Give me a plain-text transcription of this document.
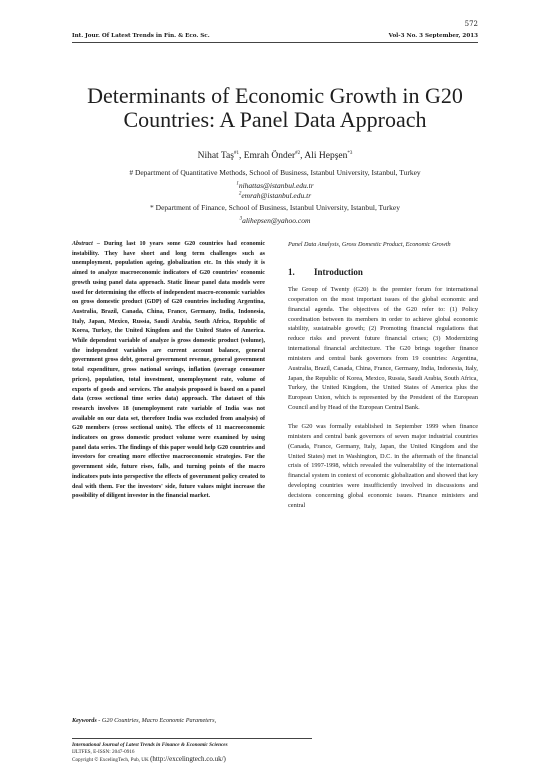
572
Int. Jour. Of Latest Trends in Fin. & Eco. Sc.	Vol-3 No. 3 September, 2013
Determinants of Economic Growth in G20 Countries: A Panel Data Approach
Nihat Taş$^{\#1}$, Emrah Önder$^{\#2}$, Ali Hepşen$^{*3}$
# Department of Quantitative Methods, School of Business, Istanbul University, Istanbul, Turkey
$^1$nihattas@istanbul.edu.tr
$^2$emrah@istanbul.edu.tr
* Department of Finance, School of Business, Istanbul University, Istanbul, Turkey
$^3$alihepsen@yahoo.com
Abstract – During last 10 years some G20 countries had economic instability. They have short and long term challenges such as unemployment, population ageing, globalization etc. In this study it is aimed to analyze macroeconomic indicators of G20 countries' economic growth using panel data approach. Static linear panel data models were used for determining the effects of independent macro-economic variables on gross domestic product (GDP) of G20 countries including Argentina, Australia, Brazil, Canada, China, France, Germany, India, Indonesia, Italy, Japan, Mexico, Russia, Saudi Arabia, South Africa, Republic of Korea, Turkey, the United Kingdom and the United States of America. While dependent variable of analyze is gross domestic product (volume), the independent variables are current account balance, general government gross debt, general government revenue, general government total expenditure, gross national savings, inflation (average consumer prices), population, total investment, unemployment rate, volume of exports of goods and services. The analysis proposed is based on a panel data (cross sectional time series data) approach. The dataset of this research involves 18 (unemployment rate variable of India was not available on our data set, therefore India was excluded from analysis) of G20 members (cross sectional units). The effects of 11 macroeconomic indicators on gross domestic product volume were examined by using panel data series. The findings of this paper would help G20 countries and investors for creating more effective macroeconomic strategies. For the government side, future rises, falls, and turning points of the macro indicators puts into perspective the effects of government policy created to deal with them. For the investors' side, future values might increase the possibility of diligent investor in the financial market.
Keywords - G20 Countries, Macro Economic Parameters,
Panel Data Analysis, Gross Domestic Product, Economic Growth
1. Introduction

The Group of Twenty (G20) is the premier forum for international cooperation on the most important issues of the global economic and financial agenda. The objectives of the G20 refer to: (1) Policy coordination between its members in order to achieve global economic stability, sustainable growth; (2) Promoting financial regulations that reduce risks and prevent future financial crises; (3) Modernizing international financial architecture. The G20 brings together finance ministers and central bank governors from 19 countries: Argentina, Australia, Brazil, Canada, China, France, Germany, India, Indonesia, Italy, Japan, the Republic of Korea, Mexico, Russia, Saudi Arabia, South Africa, Turkey, the United Kingdom, the United States of America plus the European Union, which is represented by the President of the European Council and by Head of the European Central Bank.

The G20 was formally established in September 1999 when finance ministers and central bank governors of seven major industrial countries (Canada, France, Germany, Italy, Japan, the United Kingdom and the United States) met in Washington, D.C. in the aftermath of the financial crisis of 1997-1998, which revealed the vulnerability of the international financial system in context of economic globalization and showed that key developing countries were insufficiently involved in discussions and decisions concerning global economic issues. Finance ministers and central

International Journal of Latest Trends in Finance & Economic Sciences
IJLTFES, E-ISSN: 2047-0916
Copyright © ExcelingTech, Pub, UK (http://excelingtech.co.uk/)
